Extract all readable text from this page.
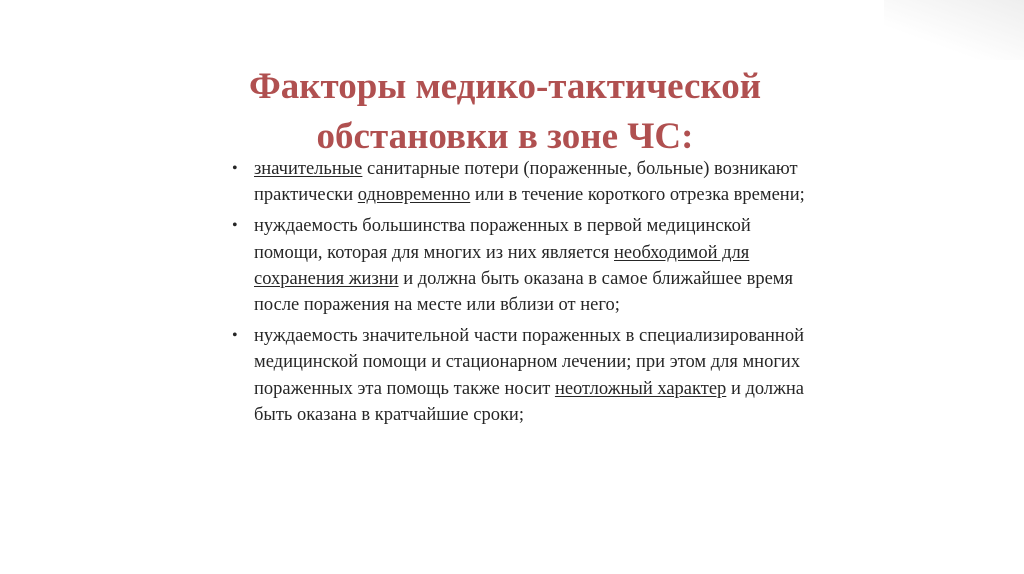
Факторы медико-тактической
обстановки в зоне ЧС:
• значительные санитарные потери (пораженные, больные) возникают практически одновременно или в течение короткого отрезка времени;
• нуждаемость большинства пораженных в первой медицинской помощи, которая для многих из них является необходимой для сохранения жизни и должна быть оказана в самое ближайшее время после поражения на месте или вблизи от него;
• нуждаемость значительной части пораженных в специализированной медицинской помощи и стационарном лечении; при этом для многих пораженных эта помощь также носит неотложный характер и должна быть оказана в кратчайшие сроки;
